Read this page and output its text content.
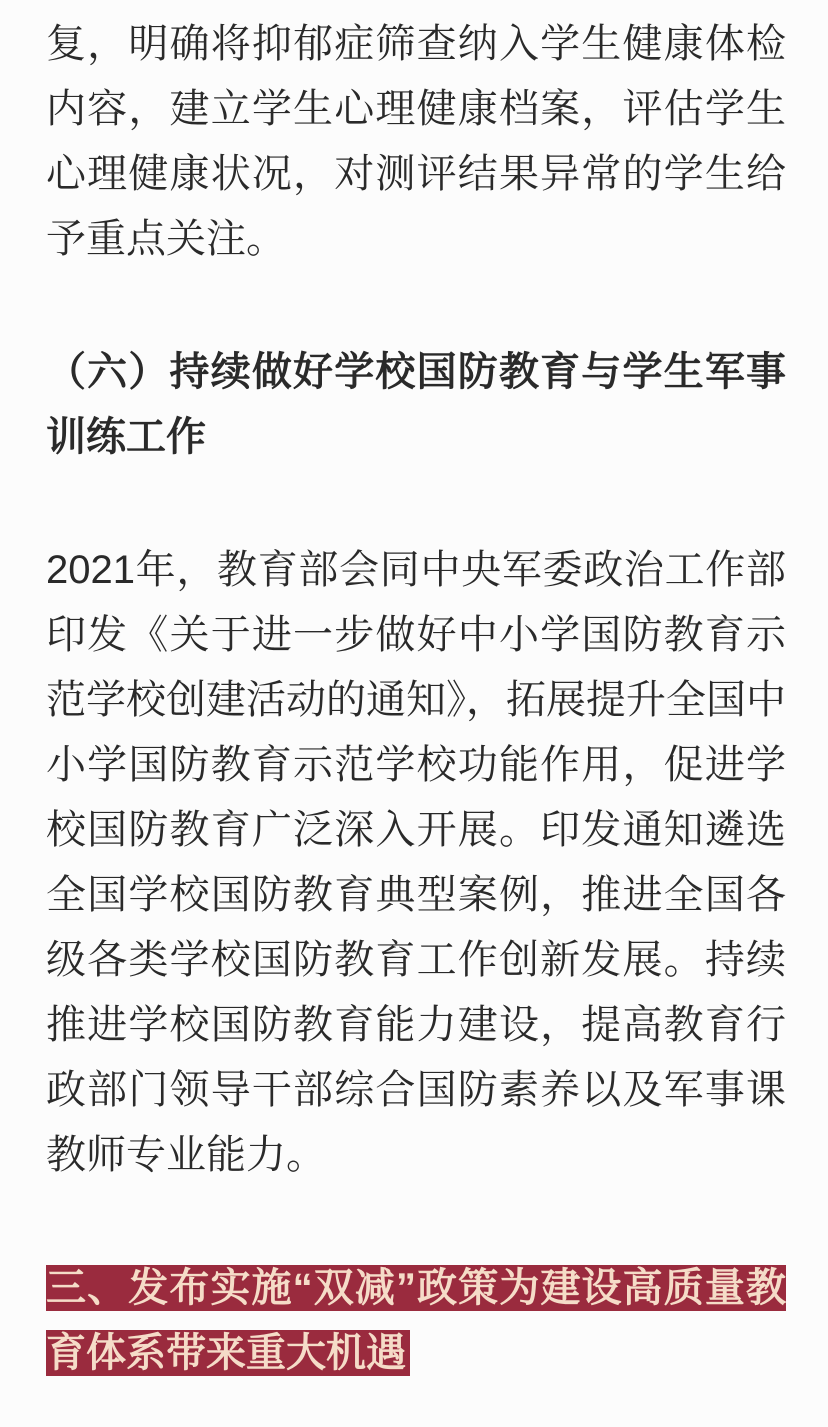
复，明确将抑郁症筛查纳入学生健康体检内容，建立学生心理健康档案，评估学生心理健康状况，对测评结果异常的学生给予重点关注。

（六）持续做好学校国防教育与学生军事训练工作

2021年，教育部会同中央军委政治工作部印发《关于进一步做好中小学国防教育示范学校创建活动的通知》，拓展提升全国中小学国防教育示范学校功能作用，促进学校国防教育广泛深入开展。印发通知遴选全国学校国防教育典型案例，推进全国各级各类学校国防教育工作创新发展。持续推进学校国防教育能力建设，提高教育行政部门领导干部综合国防素养以及军事课教师专业能力。

三、发布实施“双减”政策为建设高质量教育体系带来重大机遇
